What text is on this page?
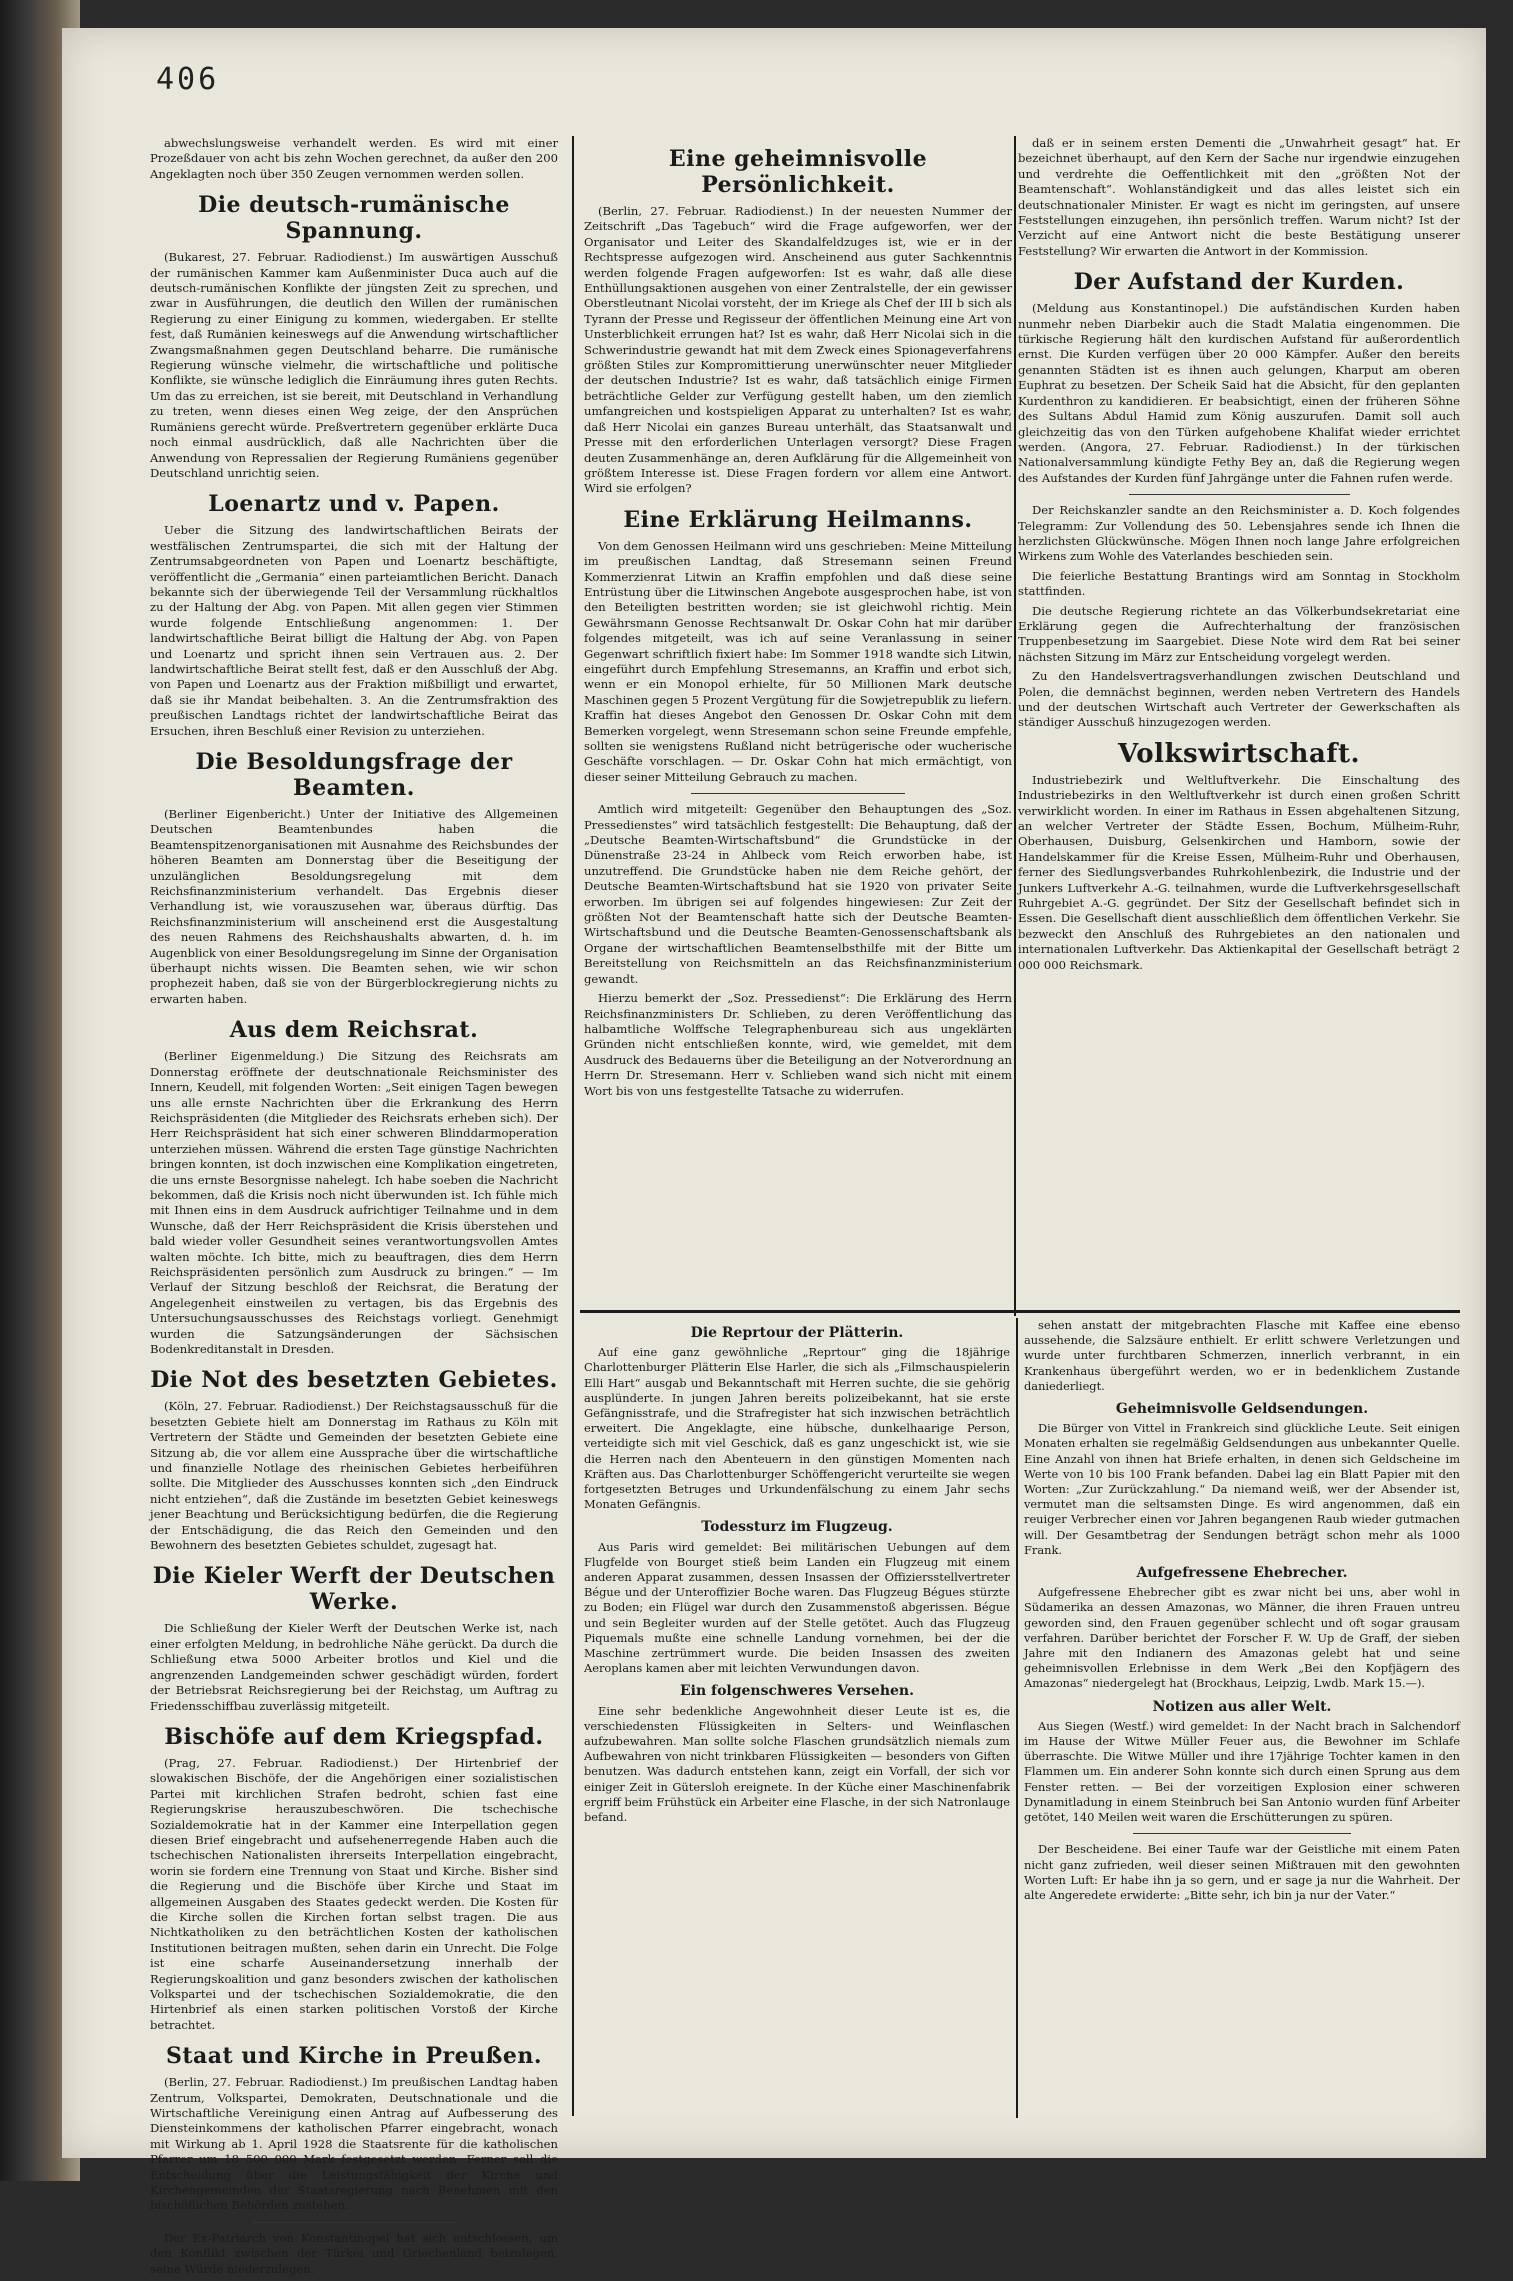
406

abwechslungsweise verhandelt werden. Es wird mit einer Prozeßdauer von acht bis zehn Wochen gerechnet, da außer den 200 Angeklagten noch über 350 Zeugen vernommen werden sollen.

Die deutsch-rumänische Spannung.

(Bukarest, 27. Februar. Radiodienst.) Im auswärtigen Ausschuß der rumänischen Kammer kam Außenminister Duca auch auf die deutsch-rumänischen Konflikte der jüngsten Zeit zu sprechen, und zwar in Ausführungen, die deutlich den Willen der rumänischen Regierung zu einer Einigung zu kommen, wiedergaben. Er stellte fest, daß Rumänien keineswegs auf die Anwendung wirtschaftlicher Zwangsmaßnahmen gegen Deutschland beharre. Die rumänische Regierung wünsche vielmehr, die wirtschaftliche und politische Konflikte, sie wünsche lediglich die Einräumung ihres guten Rechts. Um das zu erreichen, ist sie bereit, mit Deutschland in Verhandlung zu treten, wenn dieses einen Weg zeige, der den Ansprüchen Rumäniens gerecht würde. Preßvertretern gegenüber erklärte Duca noch einmal ausdrücklich, daß alle Nachrichten über die Anwendung von Repressalien der Regierung Rumäniens gegenüber Deutschland unrichtig seien.

Loenartz und v. Papen.

Ueber die Sitzung des landwirtschaftlichen Beirats der westfälischen Zentrumspartei, die sich mit der Haltung der Zentrumsabgeordneten von Papen und Loenartz beschäftigte, veröffentlicht die „Germania“ einen parteiamtlichen Bericht. Danach bekannte sich der überwiegende Teil der Versammlung rückhaltlos zu der Haltung der Abg. von Papen. Mit allen gegen vier Stimmen wurde folgende Entschließung angenommen: 1. Der landwirtschaftliche Beirat billigt die Haltung der Abg. von Papen und Loenartz und spricht ihnen sein Vertrauen aus. 2. Der landwirtschaftliche Beirat stellt fest, daß er den Ausschluß der Abg. von Papen und Loenartz aus der Fraktion mißbilligt und erwartet, daß sie ihr Mandat beibehalten. 3. An die Zentrumsfraktion des preußischen Landtags richtet der landwirtschaftliche Beirat das Ersuchen, ihren Beschluß einer Revision zu unterziehen.

Die Besoldungsfrage der Beamten.

(Berliner Eigenbericht.) Unter der Initiative des Allgemeinen Deutschen Beamtenbundes haben die Beamtenspitzenorganisationen mit Ausnahme des Reichsbundes der höheren Beamten am Donnerstag über die Beseitigung der unzulänglichen Besoldungsregelung mit dem Reichsfinanzministerium verhandelt. Das Ergebnis dieser Verhandlung ist, wie vorauszusehen war, überaus dürftig. Das Reichsfinanzministerium will anscheinend erst die Ausgestaltung des neuen Rahmens des Reichshaushalts abwarten, d. h. im Augenblick von einer Besoldungsregelung im Sinne der Organisation überhaupt nichts wissen. Die Beamten sehen, wie wir schon prophezeit haben, daß sie von der Bürgerblockregierung nichts zu erwarten haben.

Aus dem Reichsrat.

(Berliner Eigenmeldung.) Die Sitzung des Reichsrats am Donnerstag eröffnete der deutschnationale Reichsminister des Innern, Keudell, mit folgenden Worten: „Seit einigen Tagen bewegen uns alle ernste Nachrichten über die Erkrankung des Herrn Reichspräsidenten (die Mitglieder des Reichsrats erheben sich). Der Herr Reichspräsident hat sich einer schweren Blinddarmoperation unterziehen müssen. Während die ersten Tage günstige Nachrichten bringen konnten, ist doch inzwischen eine Komplikation eingetreten, die uns ernste Besorgnisse nahelegt. Ich habe soeben die Nachricht bekommen, daß die Krisis noch nicht überwunden ist. Ich fühle mich mit Ihnen eins in dem Ausdruck aufrichtiger Teilnahme und in dem Wunsche, daß der Herr Reichspräsident die Krisis überstehen und bald wieder voller Gesundheit seines verantwortungsvollen Amtes walten möchte. Ich bitte, mich zu beauftragen, dies dem Herrn Reichspräsidenten persönlich zum Ausdruck zu bringen.“ — Im Verlauf der Sitzung beschloß der Reichsrat, die Beratung der Angelegenheit einstweilen zu vertagen, bis das Ergebnis des Untersuchungsausschusses des Reichstags vorliegt. Genehmigt wurden die Satzungsänderungen der Sächsischen Bodenkreditanstalt in Dresden.

Die Not des besetzten Gebietes.

(Köln, 27. Februar. Radiodienst.) Der Reichstagsausschuß für die besetzten Gebiete hielt am Donnerstag im Rathaus zu Köln mit Vertretern der Städte und Gemeinden der besetzten Gebiete eine Sitzung ab, die vor allem eine Aussprache über die wirtschaftliche und finanzielle Notlage des rheinischen Gebietes herbeiführen sollte. Die Mitglieder des Ausschusses konnten sich „den Eindruck nicht entziehen“, daß die Zustände im besetzten Gebiet keineswegs jener Beachtung und Berücksichtigung bedürfen, die die Regierung der Entschädigung, die das Reich den Gemeinden und den Bewohnern des besetzten Gebietes schuldet, zugesagt hat.

Die Kieler Werft der Deutschen Werke.

Die Schließung der Kieler Werft der Deutschen Werke ist, nach einer erfolgten Meldung, in bedrohliche Nähe gerückt. Da durch die Schließung etwa 5000 Arbeiter brotlos und Kiel und die angrenzenden Landgemeinden schwer geschädigt würden, fordert der Betriebsrat Reichsregierung bei der Reichstag, um Auftrag zu Friedensschiffbau zuverlässig mitgeteilt.

Bischöfe auf dem Kriegspfad.

(Prag, 27. Februar. Radiodienst.) Der Hirtenbrief der slowakischen Bischöfe, der die Angehörigen einer sozialistischen Partei mit kirchlichen Strafen bedroht, schien fast eine Regierungskrise herauszubeschwören. Die tschechische Sozialdemokratie hat in der Kammer eine Interpellation gegen diesen Brief eingebracht und aufsehenerregende Haben auch die tschechischen Nationalisten ihrerseits Interpellation eingebracht, worin sie fordern eine Trennung von Staat und Kirche. Bisher sind die Regierung und die Bischöfe über Kirche und Staat im allgemeinen Ausgaben des Staates gedeckt werden. Die Kosten für die Kirche sollen die Kirchen fortan selbst tragen. Die aus Nichtkatholiken zu den beträchtlichen Kosten der katholischen Institutionen beitragen mußten, sehen darin ein Unrecht. Die Folge ist eine scharfe Auseinandersetzung innerhalb der Regierungskoalition und ganz besonders zwischen der katholischen Volkspartei und der tschechischen Sozialdemokratie, die den Hirtenbrief als einen starken politischen Vorstoß der Kirche betrachtet.

Staat und Kirche in Preußen.

(Berlin, 27. Februar. Radiodienst.) Im preußischen Landtag haben Zentrum, Volkspartei, Demokraten, Deutschnationale und die Wirtschaftliche Vereinigung einen Antrag auf Aufbesserung des Diensteinkommens der katholischen Pfarrer eingebracht, wonach mit Wirkung ab 1. April 1928 die Staatsrente für die katholischen Pfarrer um 18 500 000 Mark festgesetzt werden. Ferner soll die Entscheidung über die Leistungsfähigkeit der Kirche und Kirchengemeinden der Staatsregierung nach Benehmen mit den bischöflichen Behörden zustehen.

Der Ex-Patriarch von Konstantinopel hat sich entschlossen, um den Konflikt zwischen der Türkei und Griechenland beizulegen, seine Würde niederzulegen.

Eine geheimnisvolle Persönlichkeit.

(Berlin, 27. Februar. Radiodienst.) In der neuesten Nummer der Zeitschrift „Das Tagebuch“ wird die Frage aufgeworfen, wer der Organisator und Leiter des Skandalfeldzuges ist, wie er in der Rechtspresse aufgezogen wird. Anscheinend aus guter Sachkenntnis werden folgende Fragen aufgeworfen: Ist es wahr, daß alle diese Enthüllungsaktionen ausgehen von einer Zentralstelle, der ein gewisser Oberstleutnant Nicolai vorsteht, der im Kriege als Chef der III b sich als Tyrann der Presse und Regisseur der öffentlichen Meinung eine Art von Unsterblichkeit errungen hat? Ist es wahr, daß Herr Nicolai sich in die Schwerindustrie gewandt hat mit dem Zweck eines Spionageverfahrens größten Stiles zur Kompromittierung unerwünschter neuer Mitglieder der deutschen Industrie? Ist es wahr, daß tatsächlich einige Firmen beträchtliche Gelder zur Verfügung gestellt haben, um den ziemlich umfangreichen und kostspieligen Apparat zu unterhalten? Ist es wahr, daß Herr Nicolai ein ganzes Bureau unterhält, das Staatsanwalt und Presse mit den erforderlichen Unterlagen versorgt? Diese Fragen deuten Zusammenhänge an, deren Aufklärung für die Allgemeinheit von größtem Interesse ist. Diese Fragen fordern vor allem eine Antwort. Wird sie erfolgen?

Eine Erklärung Heilmanns.

Von dem Genossen Heilmann wird uns geschrieben: Meine Mitteilung im preußischen Landtag, daß Stresemann seinen Freund Kommerzienrat Litwin an Kraffin empfohlen und daß diese seine Entrüstung über die Litwinschen Angebote ausgesprochen habe, ist von den Beteiligten bestritten worden; sie ist gleichwohl richtig. Mein Gewährsmann Genosse Rechtsanwalt Dr. Oskar Cohn hat mir darüber folgendes mitgeteilt, was ich auf seine Veranlassung in seiner Gegenwart schriftlich fixiert habe: Im Sommer 1918 wandte sich Litwin, eingeführt durch Empfehlung Stresemanns, an Kraffin und erbot sich, wenn er ein Monopol erhielte, für 50 Millionen Mark deutsche Maschinen gegen 5 Prozent Vergütung für die Sowjetrepublik zu liefern. Kraffin hat dieses Angebot den Genossen Dr. Oskar Cohn mit dem Bemerken vorgelegt, wenn Stresemann schon seine Freunde empfehle, sollten sie wenigstens Rußland nicht betrügerische oder wucherische Geschäfte vorschlagen. — Dr. Oskar Cohn hat mich ermächtigt, von dieser seiner Mitteilung Gebrauch zu machen.

Amtlich wird mitgeteilt: Gegenüber den Behauptungen des „Soz. Pressedienstes“ wird tatsächlich festgestellt: Die Behauptung, daß der „Deutsche Beamten-Wirtschaftsbund“ die Grundstücke in der Dünenstraße 23-24 in Ahlbeck vom Reich erworben habe, ist unzutreffend. Die Grundstücke haben nie dem Reiche gehört, der Deutsche Beamten-Wirtschaftsbund hat sie 1920 von privater Seite erworben. Im übrigen sei auf folgendes hingewiesen: Zur Zeit der größten Not der Beamtenschaft hatte sich der Deutsche Beamten-Wirtschaftsbund und die Deutsche Beamten-Genossenschaftsbank als Organe der wirtschaftlichen Beamtenselbsthilfe mit der Bitte um Bereitstellung von Reichsmitteln an das Reichsfinanzministerium gewandt.

Hierzu bemerkt der „Soz. Pressedienst“: Die Erklärung des Herrn Reichsfinanzministers Dr. Schlieben, zu deren Veröffentlichung das halbamtliche Wolffsche Telegraphenbureau sich aus ungeklärten Gründen nicht entschließen konnte, wird, wie gemeldet, mit dem Ausdruck des Bedauerns über die Beteiligung an der Notverordnung an Herrn Dr. Stresemann. Herr v. Schlieben wand sich nicht mit einem Wort bis von uns festgestellte Tatsache zu widerrufen.

daß er in seinem ersten Dementi die „Unwahrheit gesagt“ hat. Er bezeichnet überhaupt, auf den Kern der Sache nur irgendwie einzugehen und verdrehte die Oeffentlichkeit mit den „größten Not der Beamtenschaft“. Wohlanständigkeit und das alles leistet sich ein deutschnationaler Minister. Er wagt es nicht im geringsten, auf unsere Feststellungen einzugehen, ihn persönlich treffen. Warum nicht? Ist der Verzicht auf eine Antwort nicht die beste Bestätigung unserer Feststellung? Wir erwarten die Antwort in der Kommission.

Der Aufstand der Kurden.

(Meldung aus Konstantinopel.) Die aufständischen Kurden haben nunmehr neben Diarbekir auch die Stadt Malatia eingenommen. Die türkische Regierung hält den kurdischen Aufstand für außerordentlich ernst. Die Kurden verfügen über 20 000 Kämpfer. Außer den bereits genannten Städten ist es ihnen auch gelungen, Kharput am oberen Euphrat zu besetzen. Der Scheik Said hat die Absicht, für den geplanten Kurdenthron zu kandidieren. Er beabsichtigt, einen der früheren Söhne des Sultans Abdul Hamid zum König auszurufen. Damit soll auch gleichzeitig das von den Türken aufgehobene Khalifat wieder errichtet werden. (Angora, 27. Februar. Radiodienst.) In der türkischen Nationalversammlung kündigte Fethy Bey an, daß die Regierung wegen des Aufstandes der Kurden fünf Jahrgänge unter die Fahnen rufen werde.

Der Reichskanzler sandte an den Reichsminister a. D. Koch folgendes Telegramm: Zur Vollendung des 50. Lebensjahres sende ich Ihnen die herzlichsten Glückwünsche. Mögen Ihnen noch lange Jahre erfolgreichen Wirkens zum Wohle des Vaterlandes beschieden sein.

Die feierliche Bestattung Brantings wird am Sonntag in Stockholm stattfinden.

Die deutsche Regierung richtete an das Völkerbundsekretariat eine Erklärung gegen die Aufrechterhaltung der französischen Truppenbesetzung im Saargebiet. Diese Note wird dem Rat bei seiner nächsten Sitzung im März zur Entscheidung vorgelegt werden.

Zu den Handelsvertragsverhandlungen zwischen Deutschland und Polen, die demnächst beginnen, werden neben Vertretern des Handels und der deutschen Wirtschaft auch Vertreter der Gewerkschaften als ständiger Ausschuß hinzugezogen werden.

Volkswirtschaft.

Industriebezirk und Weltluftverkehr. Die Einschaltung des Industriebezirks in den Weltluftverkehr ist durch einen großen Schritt verwirklicht worden. In einer im Rathaus in Essen abgehaltenen Sitzung, an welcher Vertreter der Städte Essen, Bochum, Mülheim-Ruhr, Oberhausen, Duisburg, Gelsenkirchen und Hamborn, sowie der Handelskammer für die Kreise Essen, Mülheim-Ruhr und Oberhausen, ferner des Siedlungsverbandes Ruhrkohlenbezirk, die Industrie und der Junkers Luftverkehr A.-G. teilnahmen, wurde die Luftverkehrsgesellschaft Ruhrgebiet A.-G. gegründet. Der Sitz der Gesellschaft befindet sich in Essen. Die Gesellschaft dient ausschließlich dem öffentlichen Verkehr. Sie bezweckt den Anschluß des Ruhrgebietes an den nationalen und internationalen Luftverkehr. Das Aktienkapital der Gesellschaft beträgt 2 000 000 Reichsmark.

Die Reprtour der Plätterin.

Auf eine ganz gewöhnliche „Reprtour“ ging die 18jährige Charlottenburger Plätterin Else Harler, die sich als „Filmschauspielerin Elli Hart“ ausgab und Bekanntschaft mit Herren suchte, die sie gehörig ausplünderte. In jungen Jahren bereits polizeibekannt, hat sie erste Gefängnisstrafe, und die Strafregister hat sich inzwischen beträchtlich erweitert. Die Angeklagte, eine hübsche, dunkelhaarige Person, verteidigte sich mit viel Geschick, daß es ganz ungeschickt ist, wie sie die Herren nach den Abenteuern in den günstigen Momenten nach Kräften aus. Das Charlottenburger Schöffengericht verurteilte sie wegen fortgesetzten Betruges und Urkundenfälschung zu einem Jahr sechs Monaten Gefängnis.

Todessturz im Flugzeug.

Aus Paris wird gemeldet: Bei militärischen Uebungen auf dem Flugfelde von Bourget stieß beim Landen ein Flugzeug mit einem anderen Apparat zusammen, dessen Insassen der Offiziersstellvertreter Bégue und der Unteroffizier Boche waren. Das Flugzeug Bégues stürzte zu Boden; ein Flügel war durch den Zusammenstoß abgerissen. Bégue und sein Begleiter wurden auf der Stelle getötet. Auch das Flugzeug Piquemals mußte eine schnelle Landung vornehmen, bei der die Maschine zertrümmert wurde. Die beiden Insassen des zweiten Aeroplans kamen aber mit leichten Verwundungen davon.

Ein folgenschweres Versehen.

Eine sehr bedenkliche Angewohnheit dieser Leute ist es, die verschiedensten Flüssigkeiten in Selters- und Weinflaschen aufzubewahren. Man sollte solche Flaschen grundsätzlich niemals zum Aufbewahren von nicht trinkbaren Flüssigkeiten — besonders von Giften benutzen. Was dadurch entstehen kann, zeigt ein Vorfall, der sich vor einiger Zeit in Gütersloh ereignete. In der Küche einer Maschinenfabrik ergriff beim Frühstück ein Arbeiter eine Flasche, in der sich Natronlauge befand.

sehen anstatt der mitgebrachten Flasche mit Kaffee eine ebenso aussehende, die Salzsäure enthielt. Er erlitt schwere Verletzungen und wurde unter furchtbaren Schmerzen, innerlich verbrannt, in ein Krankenhaus übergeführt werden, wo er in bedenklichem Zustande daniederliegt.

Geheimnisvolle Geldsendungen.

Die Bürger von Vittel in Frankreich sind glückliche Leute. Seit einigen Monaten erhalten sie regelmäßig Geldsendungen aus unbekannter Quelle. Eine Anzahl von ihnen hat Briefe erhalten, in denen sich Geldscheine im Werte von 10 bis 100 Frank befanden. Dabei lag ein Blatt Papier mit den Worten: „Zur Zurückzahlung.“ Da niemand weiß, wer der Absender ist, vermutet man die seltsamsten Dinge. Es wird angenommen, daß ein reuiger Verbrecher einen vor Jahren begangenen Raub wieder gutmachen will. Der Gesamtbetrag der Sendungen beträgt schon mehr als 1000 Frank.

Aufgefressene Ehebrecher.

Aufgefressene Ehebrecher gibt es zwar nicht bei uns, aber wohl in Südamerika an dessen Amazonas, wo Männer, die ihren Frauen untreu geworden sind, den Frauen gegenüber schlecht und oft sogar grausam verfahren. Darüber berichtet der Forscher F. W. Up de Graff, der sieben Jahre mit den Indianern des Amazonas gelebt hat und seine geheimnisvollen Erlebnisse in dem Werk „Bei den Kopfjägern des Amazonas“ niedergelegt hat (Brockhaus, Leipzig, Lwdb. Mark 15.—).

Notizen aus aller Welt.

Aus Siegen (Westf.) wird gemeldet: In der Nacht brach in Salchendorf im Hause der Witwe Müller Feuer aus, die Bewohner im Schlafe überraschte. Die Witwe Müller und ihre 17jährige Tochter kamen in den Flammen um. Ein anderer Sohn konnte sich durch einen Sprung aus dem Fenster retten. — Bei der vorzeitigen Explosion einer schweren Dynamitladung in einem Steinbruch bei San Antonio wurden fünf Arbeiter getötet, 140 Meilen weit waren die Erschütterungen zu spüren.

Der Bescheidene. Bei einer Taufe war der Geistliche mit einem Paten nicht ganz zufrieden, weil dieser seinen Mißtrauen mit den gewohnten Worten Luft: Er habe ihn ja so gern, und er sage ja nur die Wahrheit. Der alte Angeredete erwiderte: „Bitte sehr, ich bin ja nur der Vater.“
